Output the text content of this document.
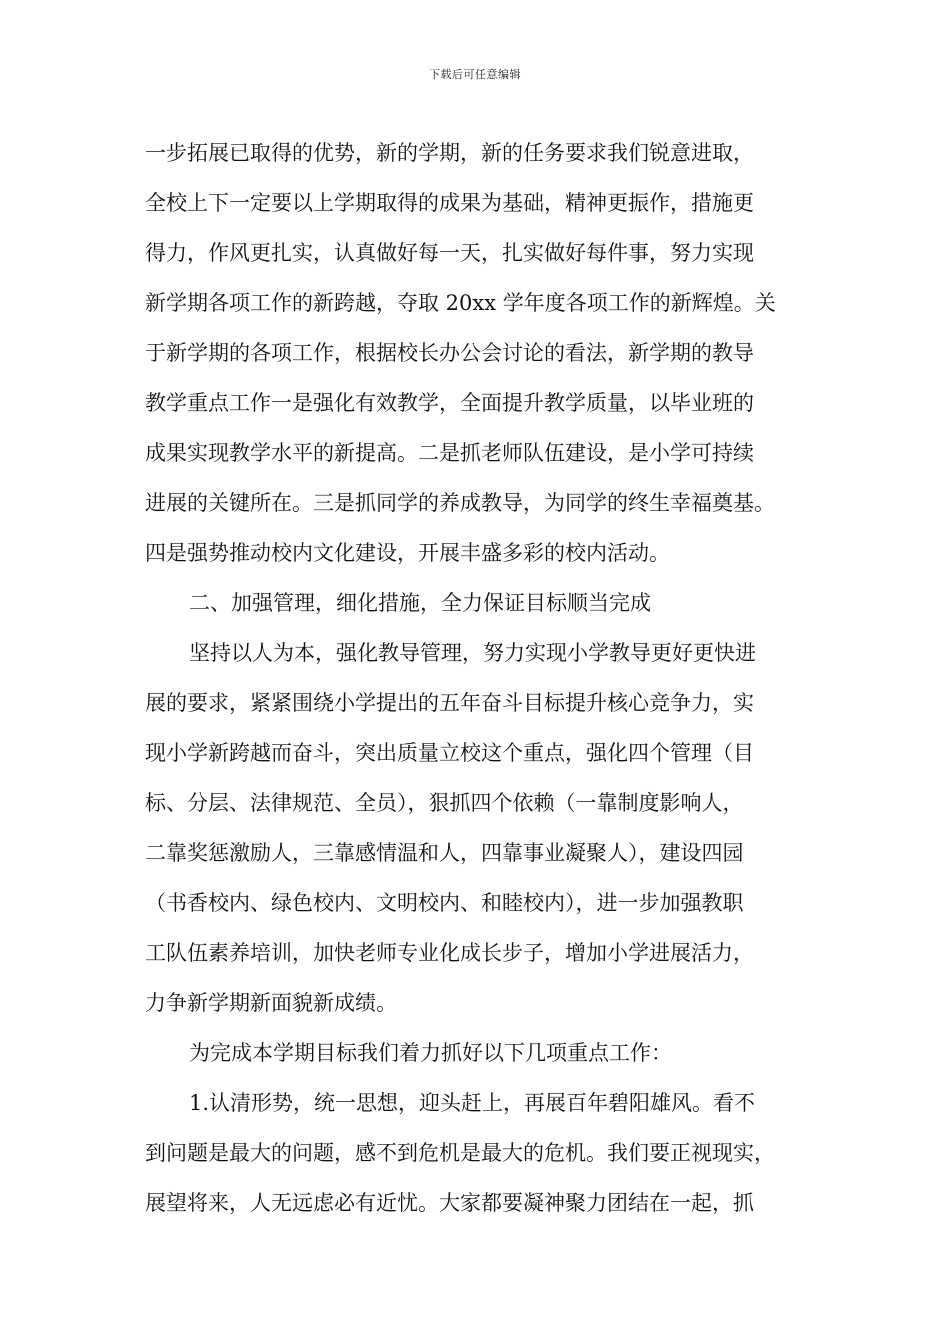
下载后可任意编辑
一步拓展已取得的优势，新的学期，新的任务要求我们锐意进取，
全校上下一定要以上学期取得的成果为基础，精神更振作，措施更
得力，作风更扎实，认真做好每一天，扎实做好每件事，努力实现
新学期各项工作的新跨越，夺取 20xx 学年度各项工作的新辉煌。关
于新学期的各项工作，根据校长办公会讨论的看法，新学期的教导
教学重点工作一是强化有效教学，全面提升教学质量，以毕业班的
成果实现教学水平的新提高。二是抓老师队伍建设，是小学可持续
进展的关键所在。三是抓同学的养成教导，为同学的终生幸福奠基。
四是强势推动校内文化建设，开展丰盛多彩的校内活动。
二、加强管理，细化措施，全力保证目标顺当完成
坚持以人为本，强化教导管理，努力实现小学教导更好更快进
展的要求，紧紧围绕小学提出的五年奋斗目标提升核心竞争力，实
现小学新跨越而奋斗，突出质量立校这个重点，强化四个管理（目
标、分层、法律规范、全员），狠抓四个依赖（一靠制度影响人，
二靠奖惩激励人，三靠感情温和人，四靠事业凝聚人），建设四园
（书香校内、绿色校内、文明校内、和睦校内），进一步加强教职
工队伍素养培训，加快老师专业化成长步子，增加小学进展活力，
力争新学期新面貌新成绩。
为完成本学期目标我们着力抓好以下几项重点工作：
1.认清形势，统一思想，迎头赶上，再展百年碧阳雄风。看不
到问题是最大的问题，感不到危机是最大的危机。我们要正视现实，
展望将来，人无远虑必有近忧。大家都要凝神聚力团结在一起，抓
